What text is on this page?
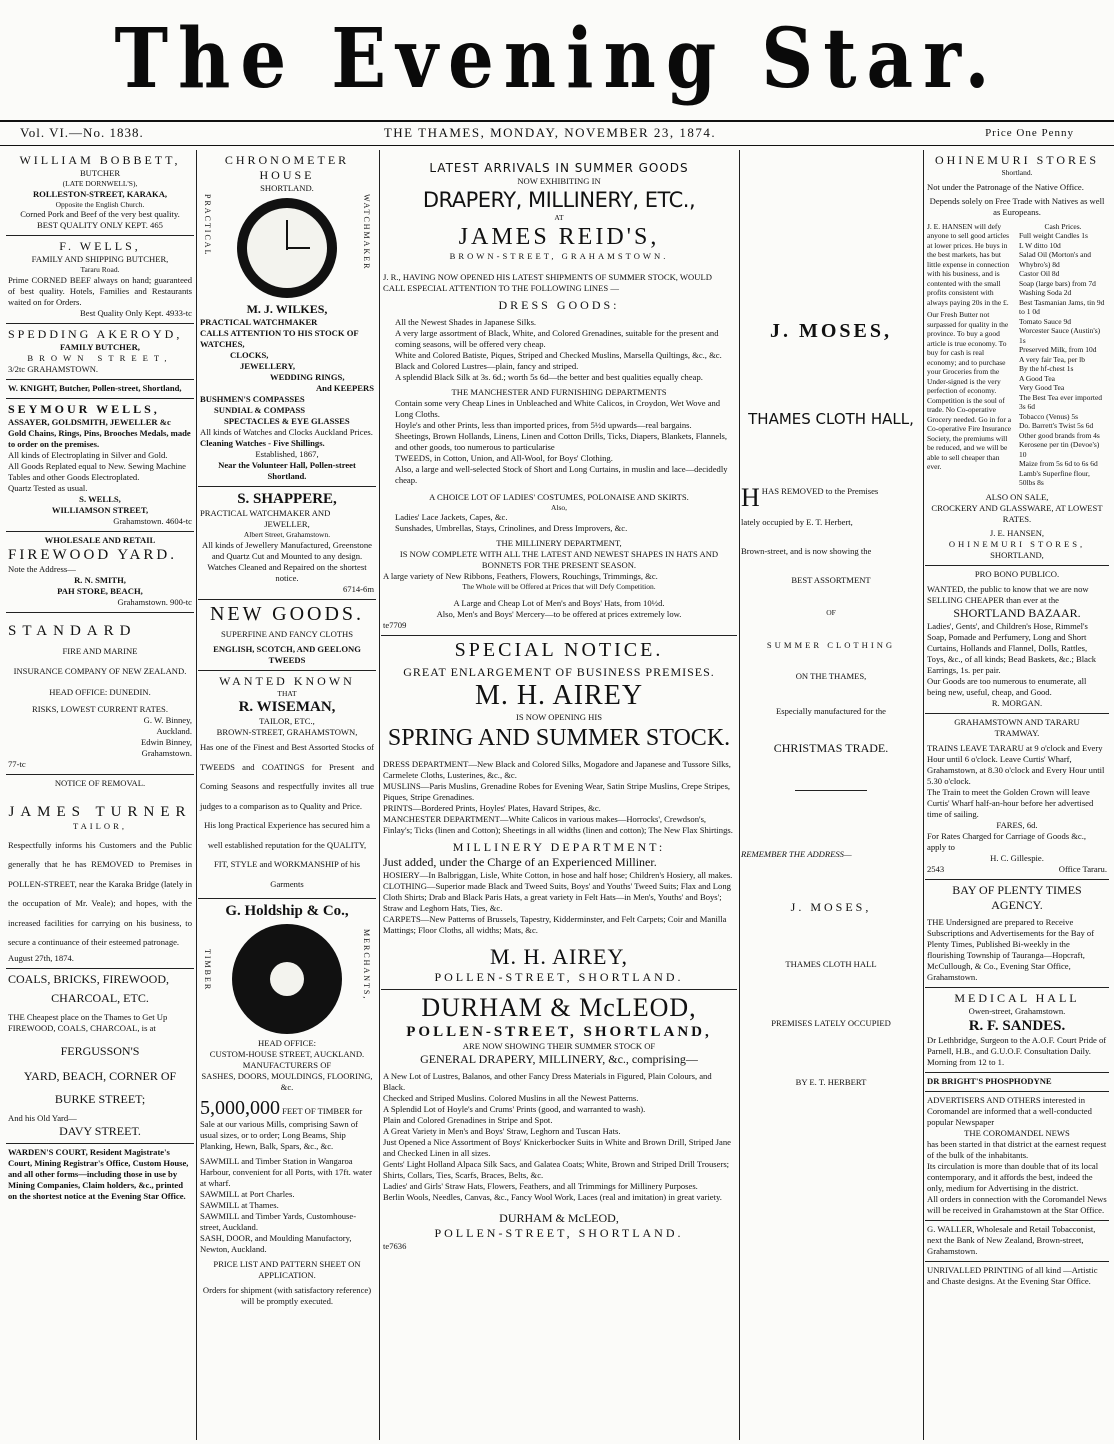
The Evening Star.
Vol. VI.—No. 1838.	THE THAMES, MONDAY, NOVEMBER 23, 1874.	Price One Penny
WILLIAM BOBBETT,
BUTCHER
(LATE DORNWELL'S),
ROLLESTON-STREET, KARAKA,
Opposite the English Church.
Corned Pork and Beef of the very best quality.
BEST QUALITY ONLY KEPT. 465
F. WELLS,
FAMILY AND SHIPPING BUTCHER,
Tararu Road.
Prime CORNED BEEF always on hand; guaranteed of best quality. Hotels, Families and Restaurants waited on for Orders.
Best Quality Only Kept. 4933-tc
SPEDDING AKEROYD,
FAMILY BUTCHER,
BROWN STREET,
3/2tc GRAHAMSTOWN.
W. KNIGHT, Butcher, Pollen-street, Shortland,
SEYMOUR WELLS,
ASSAYER, GOLDSMITH, JEWELLER &c
Gold Chains, Rings, Pins, Brooches Medals, made to order on the premises.
All kinds of Electroplating in Silver and Gold.
All Goods Replated equal to New. Sewing Machine Tables and other Goods Electroplated.
Quartz Tested as usual.
S. WELLS,
WILLIAMSON STREET,
Grahamstown. 4604-tc
WHOLESALE AND RETAIL
FIREWOOD YARD.
Note the Address—
R. N. SMITH,
PAH STORE, BEACH,
Grahamstown. 900-tc
STANDARD
FIRE AND MARINE
INSURANCE COMPANY OF NEW ZEALAND.
HEAD OFFICE: DUNEDIN.
RISKS, LOWEST CURRENT RATES.
G. W. Binney,
Auckland.
Edwin Binney,
Grahamstown.
77-tc
NOTICE OF REMOVAL.
JAMES TURNER
TAILOR,
Respectfully informs his Customers and the Public generally that he has REMOVED to Premises in POLLEN-STREET, near the Karaka Bridge (lately in the occupation of Mr. Veale); and hopes, with the increased facilities for carrying on his business, to secure a continuance of their esteemed patronage.
August 27th, 1874.
COALS, BRICKS, FIREWOOD,
CHARCOAL, ETC.
THE Cheapest place on the Thames to Get Up FIREWOOD, COALS, CHARCOAL, is at
FERGUSSON'S
YARD, BEACH, CORNER OF
BURKE STREET;
And his Old Yard—
DAVY STREET.
WARDEN'S COURT, Resident Magistrate's Court, Mining Registrar's Office, Custom House, and all other forms—including those in use by Mining Companies, Claim holders, &c., printed on the shortest notice at the Evening Star Office.
CHRONOMETER HOUSE
SHORTLAND.
PRACTICAL	WATCHMAKER
M. J. WILKES,
PRACTICAL WATCHMAKER
CALLS ATTENTION TO HIS STOCK OF WATCHES,
CLOCKS,
JEWELLERY,
WEDDING RINGS,
And KEEPERS
BUSHMEN'S COMPASSES
SUNDIAL & COMPASS
SPECTACLES & EYE GLASSES
All kinds of Watches and Clocks Auckland Prices.
Cleaning Watches - Five Shillings.
Established, 1867,
Near the Volunteer Hall, Pollen-street Shortland.
S. SHAPPERE,
PRACTICAL WATCHMAKER AND
JEWELLER,
Albert Street, Grahamstown.
All kinds of Jewellery Manufactured, Greenstone and Quartz Cut and Mounted to any design.
Watches Cleaned and Repaired on the shortest notice.
6714-6m
NEW GOODS.
SUPERFINE AND FANCY CLOTHS
ENGLISH, SCOTCH, AND GEELONG TWEEDS
WANTED KNOWN
THAT
R. WISEMAN,
TAILOR, ETC.,
BROWN-STREET, GRAHAMSTOWN,
Has one of the Finest and Best Assorted Stocks of TWEEDS and COATINGS for Present and Coming Seasons and respectfully invites all true judges to a comparison as to Quality and Price.
His long Practical Experience has secured him a well established reputation for the QUALITY, FIT, STYLE and WORKMANSHIP of his Garments
G. Holdship & Co.,
TIMBER	MERCHANTS,
HEAD OFFICE:
CUSTOM-HOUSE STREET, AUCKLAND.
MANUFACTURERS OF
SASHES, DOORS, MOULDINGS, FLOORING, &c.
5,000,000 FEET OF TIMBER for Sale at our various Mills, comprising Sawn of usual sizes, or to order; Long Beams, Ship Planking, Hewn, Balk, Spars, &c., &c.
SAWMILL and Timber Station in Wangaroa Harbour, convenient for all Ports, with 17ft. water at wharf.
SAWMILL at Port Charles.
SAWMILL at Thames.
SAWMILL and Timber Yards, Customhouse-street, Auckland.
SASH, DOOR, and Moulding Manufactory, Newton, Auckland.
PRICE LIST AND PATTERN SHEET ON APPLICATION.
Orders for shipment (with satisfactory reference) will be promptly executed.
LATEST ARRIVALS IN SUMMER GOODS
NOW EXHIBITING IN
DRAPERY, MILLINERY, ETC.,
AT
JAMES REID'S,
BROWN-STREET, GRAHAMSTOWN.
J. R., HAVING NOW OPENED HIS LATEST SHIPMENTS OF SUMMER STOCK, WOULD CALL ESPECIAL ATTENTION TO THE FOLLOWING LINES —
DRESS GOODS:
All the Newest Shades in Japanese Silks.
A very large assortment of Black, White, and Colored Grenadines, suitable for the present and coming seasons, will be offered very cheap.
White and Colored Batiste, Piques, Striped and Checked Muslins, Marsella Quiltings, &c., &c.
Black and Colored Lustres—plain, fancy and striped.
A splendid Black Silk at 3s. 6d.; worth 5s 6d—the better and best qualities equally cheap.
THE MANCHESTER AND FURNISHING DEPARTMENTS
Contain some very Cheap Lines in Unbleached and White Calicos, in Croydon, Wet Wove and Long Cloths.
Hoyle's and other Prints, less than imported prices, from 5½d upwards—real bargains.
Sheetings, Brown Hollands, Linens, Linen and Cotton Drills, Ticks, Diapers, Blankets, Flannels, and other goods, too numerous to particularise
TWEEDS, in Cotton, Union, and All-Wool, for Boys' Clothing.
Also, a large and well-selected Stock of Short and Long Curtains, in muslin and lace—decidedly cheap.
A CHOICE LOT OF LADIES' COSTUMES, POLONAISE AND SKIRTS.
Also,
Ladies' Lace Jackets, Capes, &c.
Sunshades, Umbrellas, Stays, Crinolines, and Dress Improvers, &c.
THE MILLINERY DEPARTMENT,
IS NOW COMPLETE WITH ALL THE LATEST AND NEWEST SHAPES IN HATS AND BONNETS FOR THE PRESENT SEASON.
A large variety of New Ribbons, Feathers, Flowers, Rouchings, Trimmings, &c.
The Whole will be Offered at Prices that will Defy Competition.
A Large and Cheap Lot of Men's and Boys' Hats, from 10½d.
Also, Men's and Boys' Mercery—to be offered at prices extremely low.
te7709
SPECIAL NOTICE.
GREAT ENLARGEMENT OF BUSINESS PREMISES.
M. H. AIREY
IS NOW OPENING HIS
SPRING AND SUMMER STOCK.
DRESS DEPARTMENT—New Black and Colored Silks, Mogadore and Japanese and Tussore Silks, Carmelete Cloths, Lusterines, &c., &c.
MUSLINS—Paris Muslins, Grenadine Robes for Evening Wear, Satin Stripe Muslins, Crepe Stripes, Piques, Stripe Grenadines.
PRINTS—Bordered Prints, Hoyles' Plates, Havard Stripes, &c.
MANCHESTER DEPARTMENT—White Calicos in various makes—Horrocks', Crewdson's, Finlay's; Ticks (linen and Cotton); Sheetings in all widths (linen and cotton); The New Flax Shirtings.
MILLINERY DEPARTMENT:
Just added, under the Charge of an Experienced Milliner.
HOSIERY—In Balbriggan, Lisle, White Cotton, in hose and half hose; Children's Hosiery, all makes.
CLOTHING—Superior made Black and Tweed Suits, Boys' and Youths' Tweed Suits; Flax and Long Cloth Shirts; Drab and Black Paris Hats, a great variety in Felt Hats—in Men's, Youths' and Boys'; Straw and Leghorn Hats, Ties, &c.
CARPETS—New Patterns of Brussels, Tapestry, Kidderminster, and Felt Carpets; Coir and Manilla Mattings; Floor Cloths, all widths; Mats, &c.
M. H. AIREY,
POLLEN-STREET, SHORTLAND.
DURHAM & McLEOD,
POLLEN-STREET, SHORTLAND,
ARE NOW SHOWING THEIR SUMMER STOCK OF
GENERAL DRAPERY, MILLINERY, &c., comprising—
A New Lot of Lustres, Balanos, and other Fancy Dress Materials in Figured, Plain Colours, and Black.
Checked and Striped Muslins. Colored Muslins in all the Newest Patterns.
A Splendid Lot of Hoyle's and Crums' Prints (good, and warranted to wash).
Plain and Colored Grenadines in Stripe and Spot.
A Great Variety in Men's and Boys' Straw, Leghorn and Tuscan Hats.
Just Opened a Nice Assortment of Boys' Knickerbocker Suits in White and Brown Drill, Striped Jane and Checked Linen in all sizes.
Gents' Light Holland Alpaca Silk Sacs, and Galatea Coats; White, Brown and Striped Drill Trousers; Shirts, Collars, Ties, Scarfs, Braces, Belts, &c.
Ladies' and Girls' Straw Hats, Flowers, Feathers, and all Trimmings for Millinery Purposes.
Berlin Wools, Needles, Canvas, &c., Fancy Wool Work, Laces (real and imitation) in great variety.
DURHAM & McLEOD,
POLLEN-STREET, SHORTLAND.
te7636
J. MOSES,
THAMES CLOTH HALL,
HHAS REMOVED to the Premises
lately occupied by E. T. Herbert,
Brown-street, and is now showing the
BEST ASSORTMENT
OF
SUMMER CLOTHING
ON THE THAMES,
Especially manufactured for the
CHRISTMAS TRADE.
REMEMBER THE ADDRESS—
J. MOSES,
THAMES CLOTH HALL
PREMISES LATELY OCCUPIED
BY E. T. HERBERT
OHINEMURI STORES
Shortland.
Not under the Patronage of the Native Office.
Depends solely on Free Trade with Natives as well as Europeans.
J. E. HANSEN will defy anyone to sell good articles at lower prices. He buys in the best markets, has but little expense in connection with his business, and is contented with the small profits consistent with always paying 20s in the £.
Our Fresh Butter not surpassed for quality in the province. To buy a good article is true economy. To buy for cash is real economy; and to purchase your Groceries from the Under-signed is the very perfection of economy. Competition is the soul of trade. No Co-operative Grocery needed. Go in for a Co-operative Fire Insurance Society, the premiums will be reduced, and we will be able to sell cheaper than ever.
Cash Prices.
Full weight Candles 1s
L W ditto 10d
Salad Oil (Morton's and Whybro's) 8d
Castor Oil 8d
Soap (large bars) from 7d
Washing Soda 2d
Best Tasmanian Jams, tin 9d to 1 0d
Tomato Sauce 9d
Worcester Sauce (Austin's) 1s
Preserved Milk, from 10d
A very fair Tea, per lb
By the hf-chest 1s
A Good Tea
Very Good Tea
The Best Tea ever imported 3s 6d
Tobacco (Venus) 5s
Do. Barrett's Twist 5s 6d
Other good brands from 4s
Kerosene per tin (Devoe's) 10
Maize from 5s 6d to 6s 6d
Lamb's Superfine flour, 50lbs 8s
ALSO ON SALE,
CROCKERY AND GLASSWARE, AT LOWEST RATES.
J. E. HANSEN,
OHINEMURI STORES,
SHORTLAND,
PRO BONO PUBLICO.
WANTED, the public to know that we are now SELLING CHEAPER than ever at the
SHORTLAND BAZAAR.
Ladies', Gents', and Children's Hose, Rimmel's Soap, Pomade and Perfumery, Long and Short Curtains, Hollands and Flannel, Dolls, Rattles, Toys, &c., of all kinds; Bead Baskets, &c.; Black Earrings, 1s. per pair.
Our Goods are too numerous to enumerate, all being new, useful, cheap, and Good.
R. MORGAN.
GRAHAMSTOWN AND TARARU
TRAMWAY.
TRAINS LEAVE TARARU at 9 o'clock and Every Hour until 6 o'clock. Leave Curtis' Wharf, Grahamstown, at 8.30 o'clock and Every Hour until 5.30 o'clock.
The Train to meet the Golden Crown will leave Curtis' Wharf half-an-hour before her advertised time of sailing.
FARES, 6d.
For Rates Charged for Carriage of Goods &c., apply to
H. C. Gillespie.
2543	Office Tararu.
BAY OF PLENTY TIMES
AGENCY.
THE Undersigned are prepared to Receive Subscriptions and Advertisements for the Bay of Plenty Times, Published Bi-weekly in the flourishing Township of Tauranga—Hopcraft, McCullough, & Co., Evening Star Office, Grahamstown.
MEDICAL HALL
Owen-street, Grahamstown.
R. F. SANDES.
Dr Lethbridge, Surgeon to the A.O.F. Court Pride of Parnell, H.B., and G.U.O.F. Consultation Daily. Morning from 12 to 1.
DR BRIGHT'S PHOSPHODYNE
ADVERTISERS AND OTHERS interested in Coromandel are informed that a well-conducted popular Newspaper
THE COROMANDEL NEWS
has been started in that district at the earnest request of the bulk of the inhabitants.
Its circulation is more than double that of its local contemporary, and it affords the best, indeed the only, medium for Advertising in the district.
All orders in connection with the Coromandel News will be received in Grahamstown at the Star Office.
G. WALLER, Wholesale and Retail Tobacconist, next the Bank of New Zealand, Brown-street, Grahamstown.
UNRIVALLED PRINTING of all kind —Artistic and Chaste designs. At the Evening Star Office.
